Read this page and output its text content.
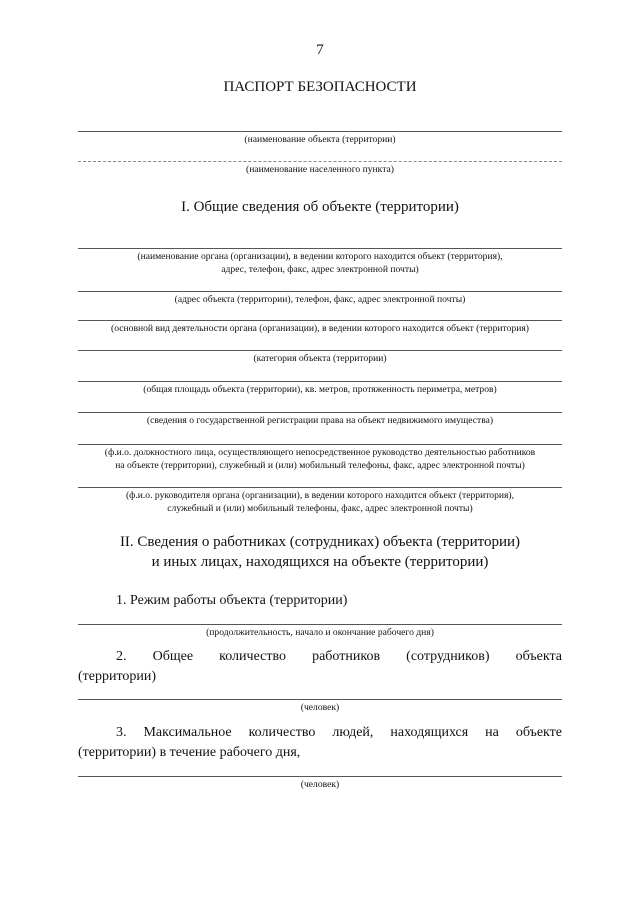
7
ПАСПОРТ БЕЗОПАСНОСТИ
(наименование объекта (территории)
(наименование населенного пункта)
I. Общие сведения об объекте (территории)
(наименование органа (организации), в ведении которого находится объект (территория),
адрес, телефон, факс, адрес электронной почты)
(адрес объекта (территории), телефон, факс, адрес электронной почты)
(основной вид деятельности органа (организации), в ведении которого находится объект (территория)
(категория объекта (территории)
(общая площадь объекта (территории), кв. метров, протяженность периметра, метров)
(сведения о государственной регистрации права на объект недвижимого имущества)
(ф.и.о. должностного лица, осуществляющего непосредственное руководство деятельностью работников
на объекте (территории), служебный и (или) мобильный телефоны, факс, адрес электронной почты)
(ф.и.о. руководителя органа (организации), в ведении которого находится объект (территория),
служебный и (или) мобильный телефоны, факс, адрес электронной почты)
II. Сведения о работниках (сотрудниках) объекта (территории)
и иных лицах, находящихся на объекте (территории)
1. Режим работы объекта (территории)
(продолжительность, начало и окончание рабочего дня)
2. Общее количество работников (сотрудников) объекта
(территории)
(человек)
3. Максимальное количество людей, находящихся на объекте
(территории) в течение рабочего дня,
(человек)
